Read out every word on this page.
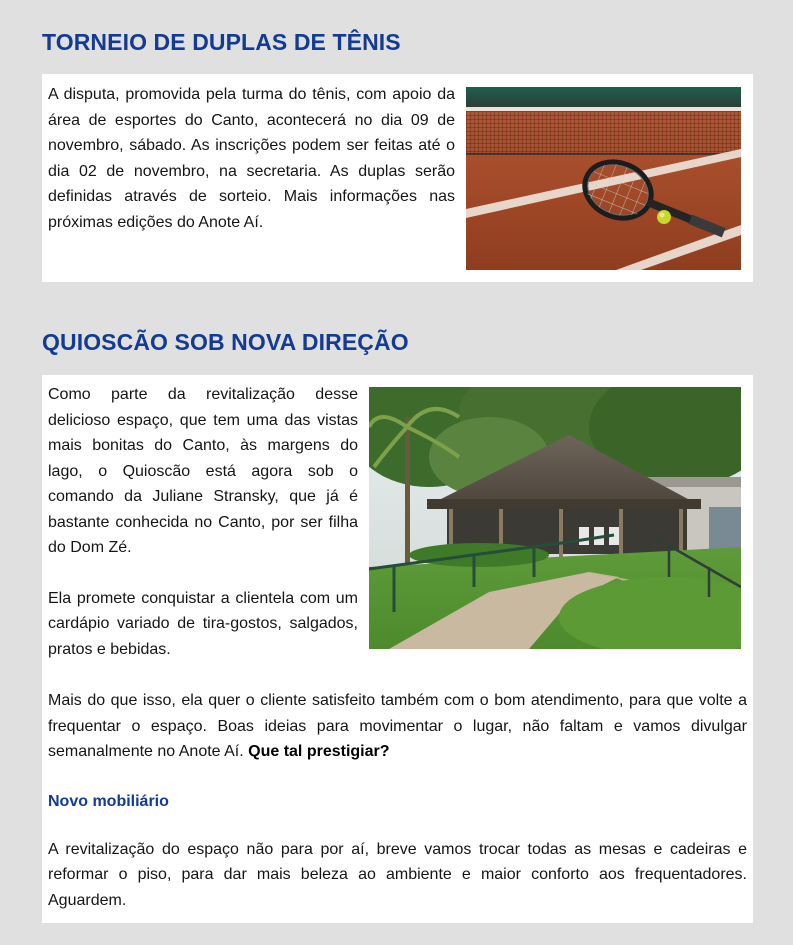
TORNEIO DE DUPLAS DE TÊNIS

A disputa, promovida pela turma do tênis, com apoio da área de esportes do Canto, acontecerá no dia 09 de novembro, sábado. As inscrições podem ser feitas até o dia 02 de novembro, na secretaria. As duplas serão definidas através de sorteio. Mais informações nas próximas edições do Anote Aí.

QUIOSCÃO SOB NOVA DIREÇÃO

Como parte da revitalização desse delicioso espaço, que tem uma das vistas mais bonitas do Canto, às margens do lago, o Quioscão está agora sob o comando da Juliane Stransky, que já é bastante conhecida no Canto, por ser filha do Dom Zé.

Ela promete conquistar a clientela com um cardápio variado de tira-gostos, salgados, pratos e bebidas.

Mais do que isso, ela quer o cliente satisfeito também com o bom atendimento, para que volte a frequentar o espaço. Boas ideias para movimentar o lugar, não faltam e vamos divulgar semanalmente no Anote Aí. Que tal prestigiar?

Novo mobiliário

A revitalização do espaço não para por aí, breve vamos trocar todas as mesas e cadeiras e reformar o piso, para dar mais beleza ao ambiente e maior conforto aos frequentadores. Aguardem.
